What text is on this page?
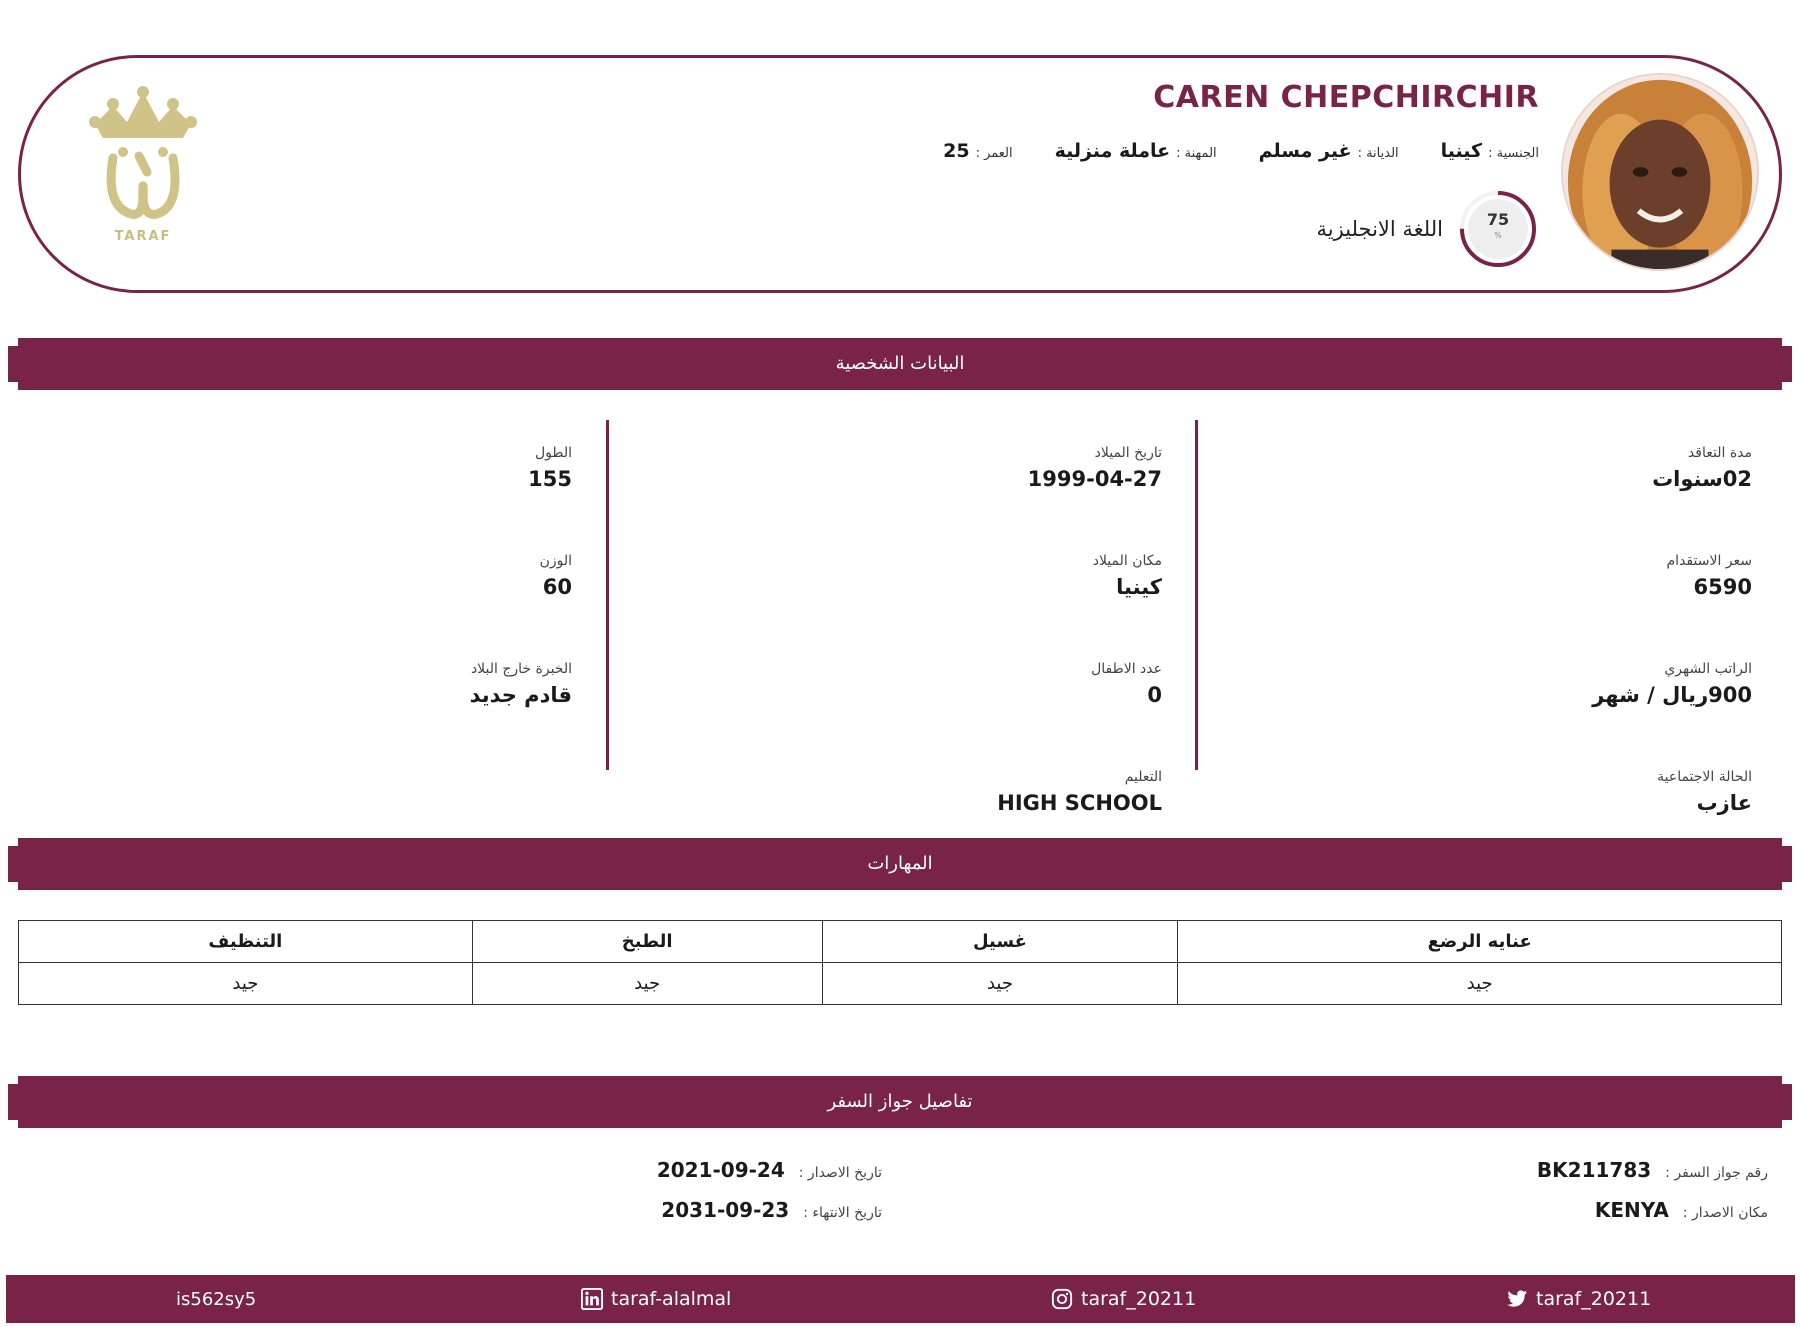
CAREN CHEPCHIRCHIR
الجنسية :
كينيا
الديانة :
غير مسلم
المهنة :
عاملة منزلية
العمر :
25
75
%
اللغة الانجليزية
TARAF
البيانات الشخصية
مدة التعاقد
02سنوات
سعر الاستقدام
6590
الراتب الشهري
900ريال / شهر
الحالة الاجتماعية
عازب
تاريخ الميلاد
1999-04-27
مكان الميلاد
كينيا
عدد الاطفال
0
التعليم
HIGH SCHOOL
الطول
155
الوزن
60
الخبرة خارج البلاد
قادم جديد
المهارات
عنايه الرضع	غسيل	الطبخ	التنظيف
جيد	جيد	جيد	جيد
تفاصيل جواز السفر
رقم جواز السفر :
BK211783
مكان الاصدار :
KENYA
تاريخ الاصدار :
2021-09-24
تاريخ الانتهاء :
2031-09-23
is562sy5	taraf-alalmal	taraf_20211	taraf_20211
